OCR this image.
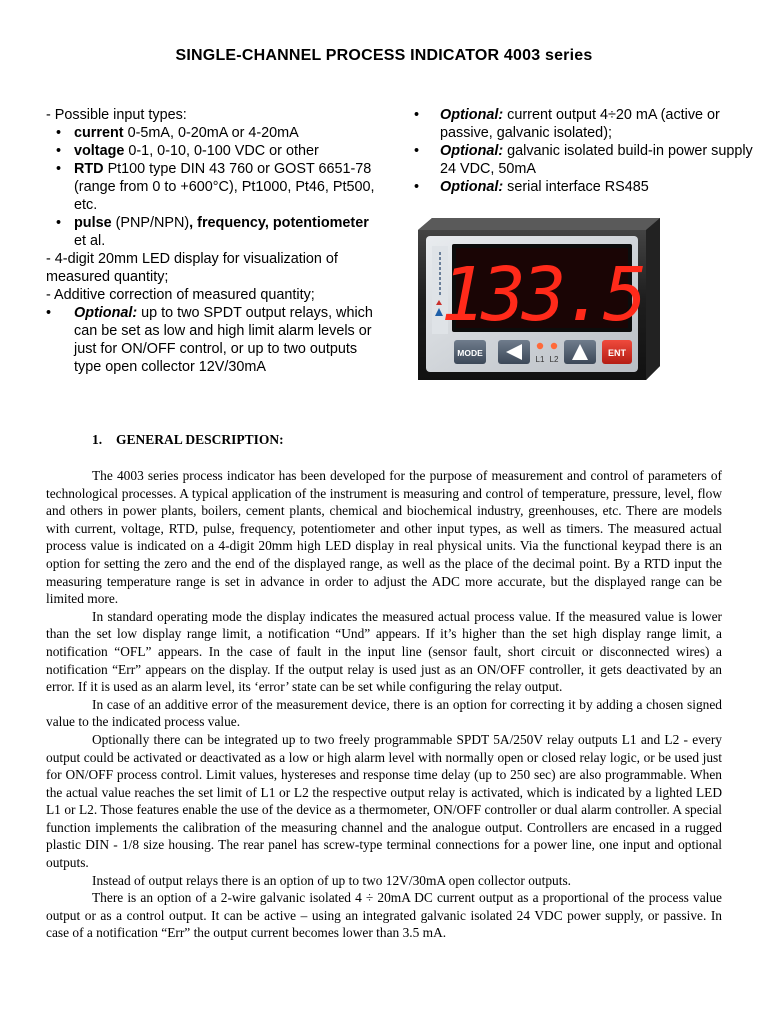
SINGLE-CHANNEL PROCESS INDICATOR 4003 series

- Possible input types:

• current 0-5mA, 0-20mA or 4-20mA
• voltage 0-1, 0-10, 0-100 VDC or other
• RTD Pt100 type DIN 43 760 or GOST 6651-78 (range from 0 to +600°C), Pt1000, Pt46, Pt500, etc.
• pulse (PNP/NPN), frequency, potentiometer et al.

- 4-digit 20mm LED display for visualization of measured quantity;

- Additive correction of measured quantity;

•	Optional: up to two SPDT output relays, which can be set as low and high limit alarm levels or just for ON/OFF control, or up to two outputs type open collector 12V/30mA
•	Optional: current output 4÷20 mA (active or passive, galvanic isolated);
•	Optional: galvanic isolated build-in power supply 24 VDC, 50mA
•	Optional: serial interface RS485
133.5
MODE
L1 L2
ENT
1. GENERAL DESCRIPTION:

The 4003 series process indicator has been developed for the purpose of measurement and control of parameters of technological processes. A typical application of the instrument is measuring and control of temperature, pressure, level, flow and others in power plants, boilers, cement plants, chemical and biochemical industry, greenhouses, etc. There are models with current, voltage, RTD, pulse, frequency, potentiometer and other input types, as well as timers. The measured actual process value is indicated on a 4-digit 20mm high LED display in real physical units. Via the functional keypad there is an option for setting the zero and the end of the displayed range, as well as the place of the decimal point. By a RTD input the measuring temperature range is set in advance in order to adjust the ADC more accurate, but the displayed range can be limited more.

In standard operating mode the display indicates the measured actual process value. If the measured value is lower than the set low display range limit, a notification “Und” appears. If it’s higher than the set high display range limit, a notification “OFL” appears. In the case of fault in the input line (sensor fault, short circuit or disconnected wires) a notification “Err” appears on the display. If the output relay is used just as an ON/OFF controller, it gets deactivated by an error. If it is used as an alarm level, its ‘error’ state can be set while configuring the relay output.

In case of an additive error of the measurement device, there is an option for correcting it by adding a chosen signed value to the indicated process value.

Optionally there can be integrated up to two freely programmable SPDT 5A/250V relay outputs L1 and L2 - every output could be activated or deactivated as a low or high alarm level with normally open or closed relay logic, or be used just for ON/OFF process control. Limit values, hystereses and response time delay (up to 250 sec) are also programmable. When the actual value reaches the set limit of L1 or L2 the respective output relay is activated, which is indicated by a lighted LED L1 or L2. Those features enable the use of the device as a thermometer, ON/OFF controller or dual alarm controller. A special function implements the calibration of the measuring channel and the analogue output. Controllers are encased in a rugged plastic DIN - 1/8 size housing. The rear panel has screw-type terminal connections for a power line, one input and optional outputs.

Instead of output relays there is an option of up to two 12V/30mA open collector outputs.

There is an option of a 2-wire galvanic isolated 4 ÷ 20mA DC current output as a proportional of the process value output or as a control output. It can be active – using an integrated galvanic isolated 24 VDC power supply, or passive. In case of a notification “Err” the output current becomes lower than 3.5 mA.
